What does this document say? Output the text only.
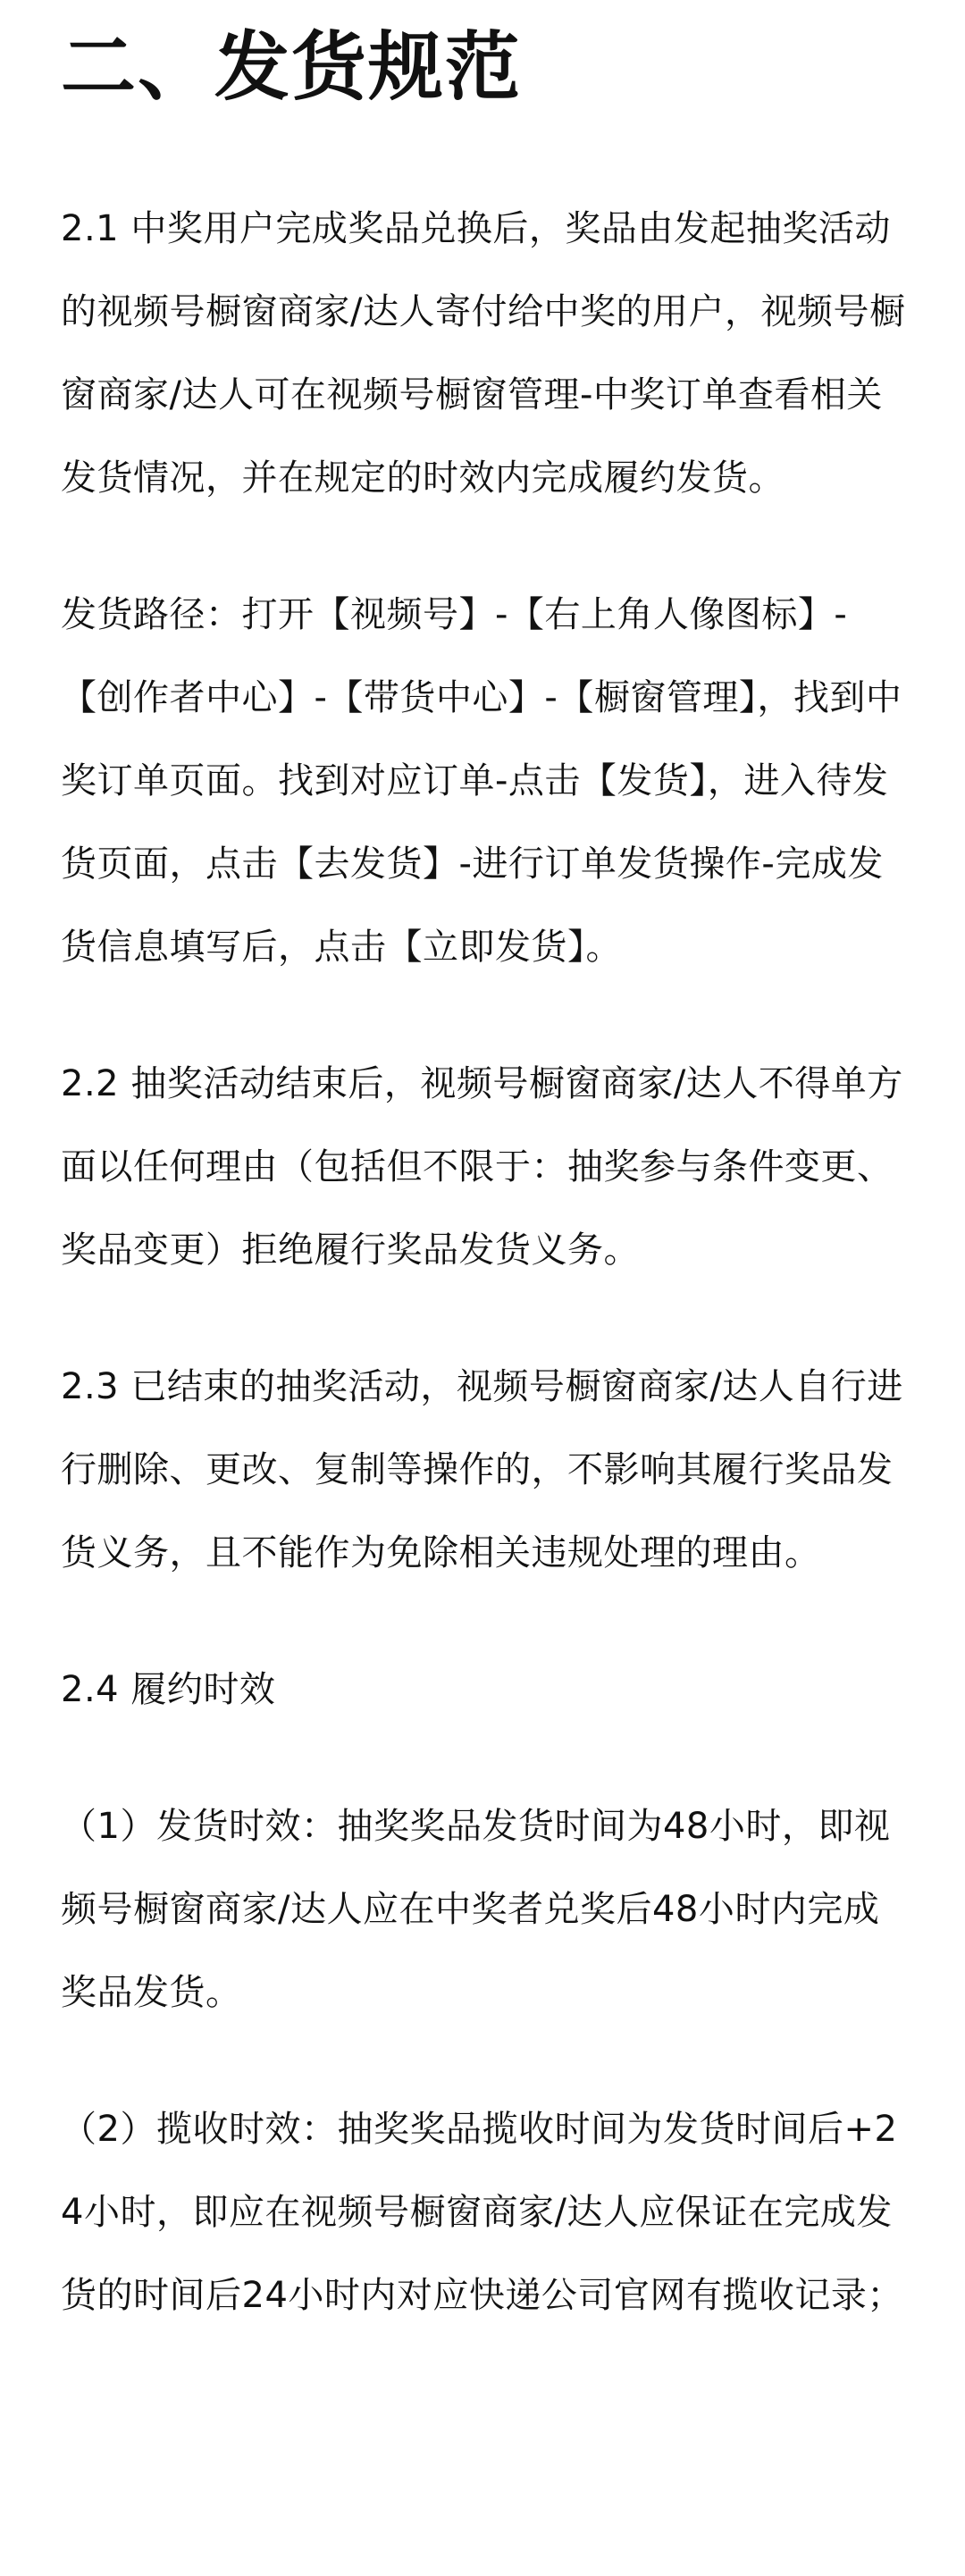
二、发货规范

2.1 中奖用户完成奖品兑换后，奖品由发起抽奖活动的视频号橱窗商家/达人寄付给中奖的用户，视频号橱窗商家/达人可在视频号橱窗管理-中奖订单查看相关发货情况，并在规定的时效内完成履约发货。

发货路径：打开【视频号】-【右上角人像图标】-【创作者中心】-【带货中心】-【橱窗管理】，找到中奖订单页面。找到对应订单-点击【发货】，进入待发货页面，点击【去发货】-进行订单发货操作-完成发货信息填写后，点击【立即发货】。

2.2 抽奖活动结束后，视频号橱窗商家/达人不得单方面以任何理由（包括但不限于：抽奖参与条件变更、奖品变更）拒绝履行奖品发货义务。

2.3 已结束的抽奖活动，视频号橱窗商家/达人自行进行删除、更改、复制等操作的，不影响其履行奖品发货义务，且不能作为免除相关违规处理的理由。

2.4 履约时效

（1）发货时效：抽奖奖品发货时间为48小时，即视频号橱窗商家/达人应在中奖者兑奖后48小时内完成奖品发货。

（2）揽收时效：抽奖奖品揽收时间为发货时间后+24小时，即应在视频号橱窗商家/达人应保证在完成发货的时间后24小时内对应快递公司官网有揽收记录；
